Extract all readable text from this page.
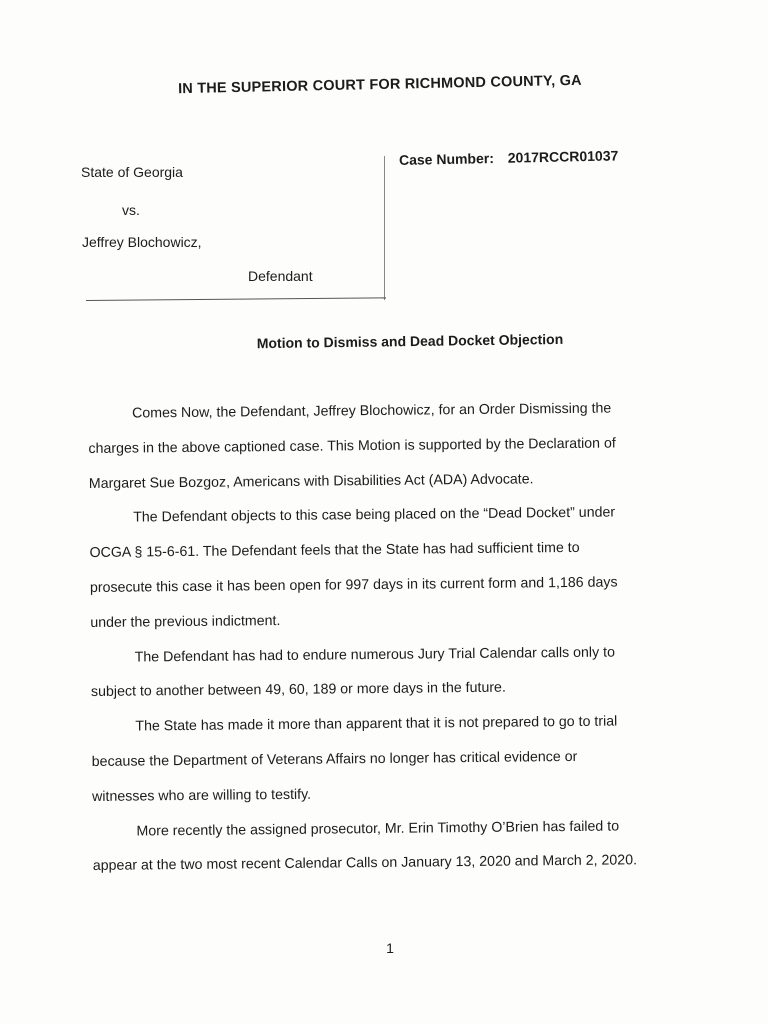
IN THE SUPERIOR COURT FOR RICHMOND COUNTY, GA
State of Georgia
vs.
Jeffrey Blochowicz,
Defendant
Case Number: 2017RCCR01037
Motion to Dismiss and Dead Docket Objection
Comes Now, the Defendant, Jeffrey Blochowicz, for an Order Dismissing the
charges in the above captioned case. This Motion is supported by the Declaration of
Margaret Sue Bozgoz, Americans with Disabilities Act (ADA) Advocate.
The Defendant objects to this case being placed on the “Dead Docket” under
OCGA § 15-6-61. The Defendant feels that the State has had sufficient time to
prosecute this case it has been open for 997 days in its current form and 1,186 days
under the previous indictment.
The Defendant has had to endure numerous Jury Trial Calendar calls only to
subject to another between 49, 60, 189 or more days in the future.
The State has made it more than apparent that it is not prepared to go to trial
because the Department of Veterans Affairs no longer has critical evidence or
witnesses who are willing to testify.
More recently the assigned prosecutor, Mr. Erin Timothy O’Brien has failed to
appear at the two most recent Calendar Calls on January 13, 2020 and March 2, 2020.
1
